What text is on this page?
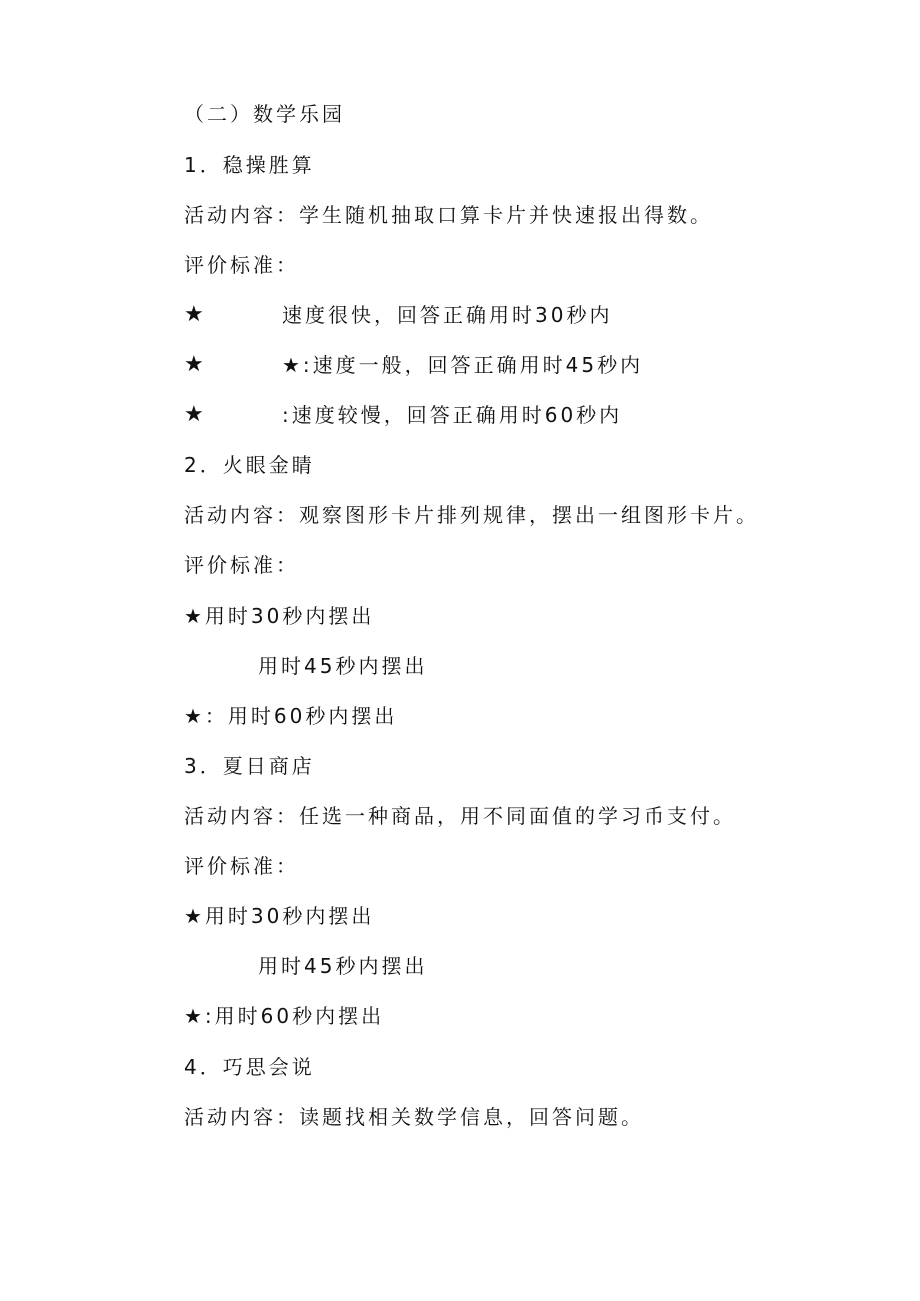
（二）数学乐园
1．稳操胜算
活动内容：学生随机抽取口算卡片并快速报出得数。
评价标准：
★	速度很快，回答正确用时30秒内
★	★:速度一般，回答正确用时45秒内
★	:速度较慢，回答正确用时60秒内
2．火眼金睛
活动内容：观察图形卡片排列规律，摆出一组图形卡片。
评价标准：
★用时30秒内摆出
用时45秒内摆出
★：用时60秒内摆出
3．夏日商店
活动内容：任选一种商品，用不同面值的学习币支付。
评价标准：
★用时30秒内摆出
用时45秒内摆出
★:用时60秒内摆出
4．巧思会说
活动内容：读题找相关数学信息，回答问题。
